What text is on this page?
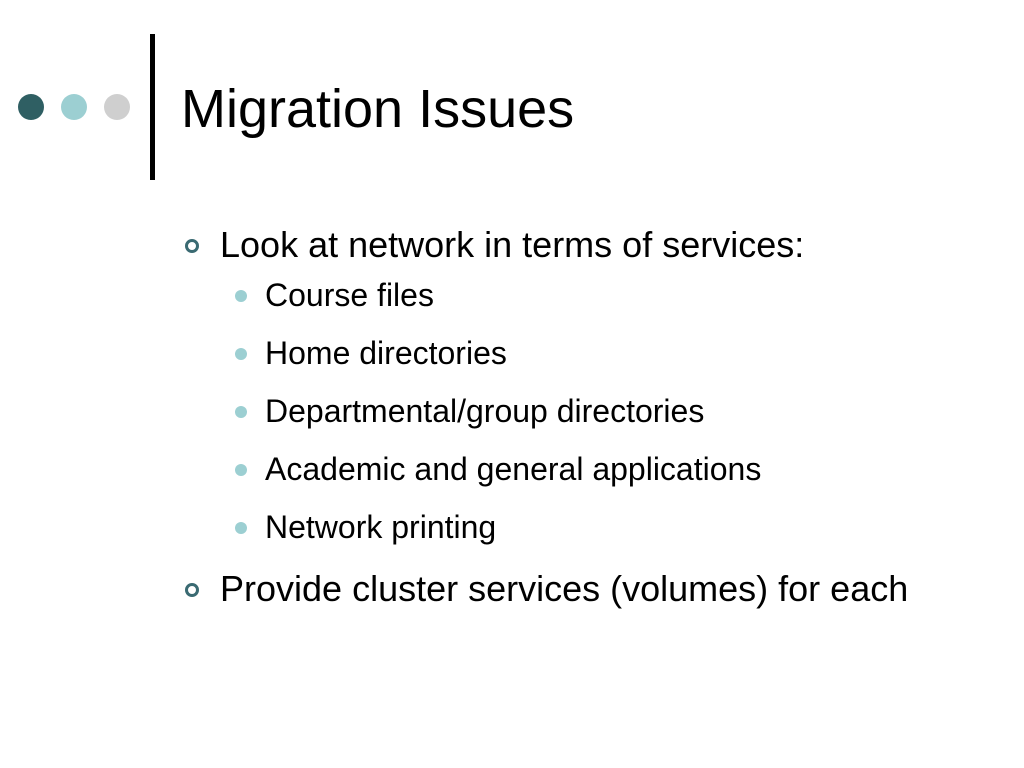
Migration Issues
Look at network in terms of services:
Course files
Home directories
Departmental/group directories
Academic and general applications
Network printing
Provide cluster services (volumes) for each
